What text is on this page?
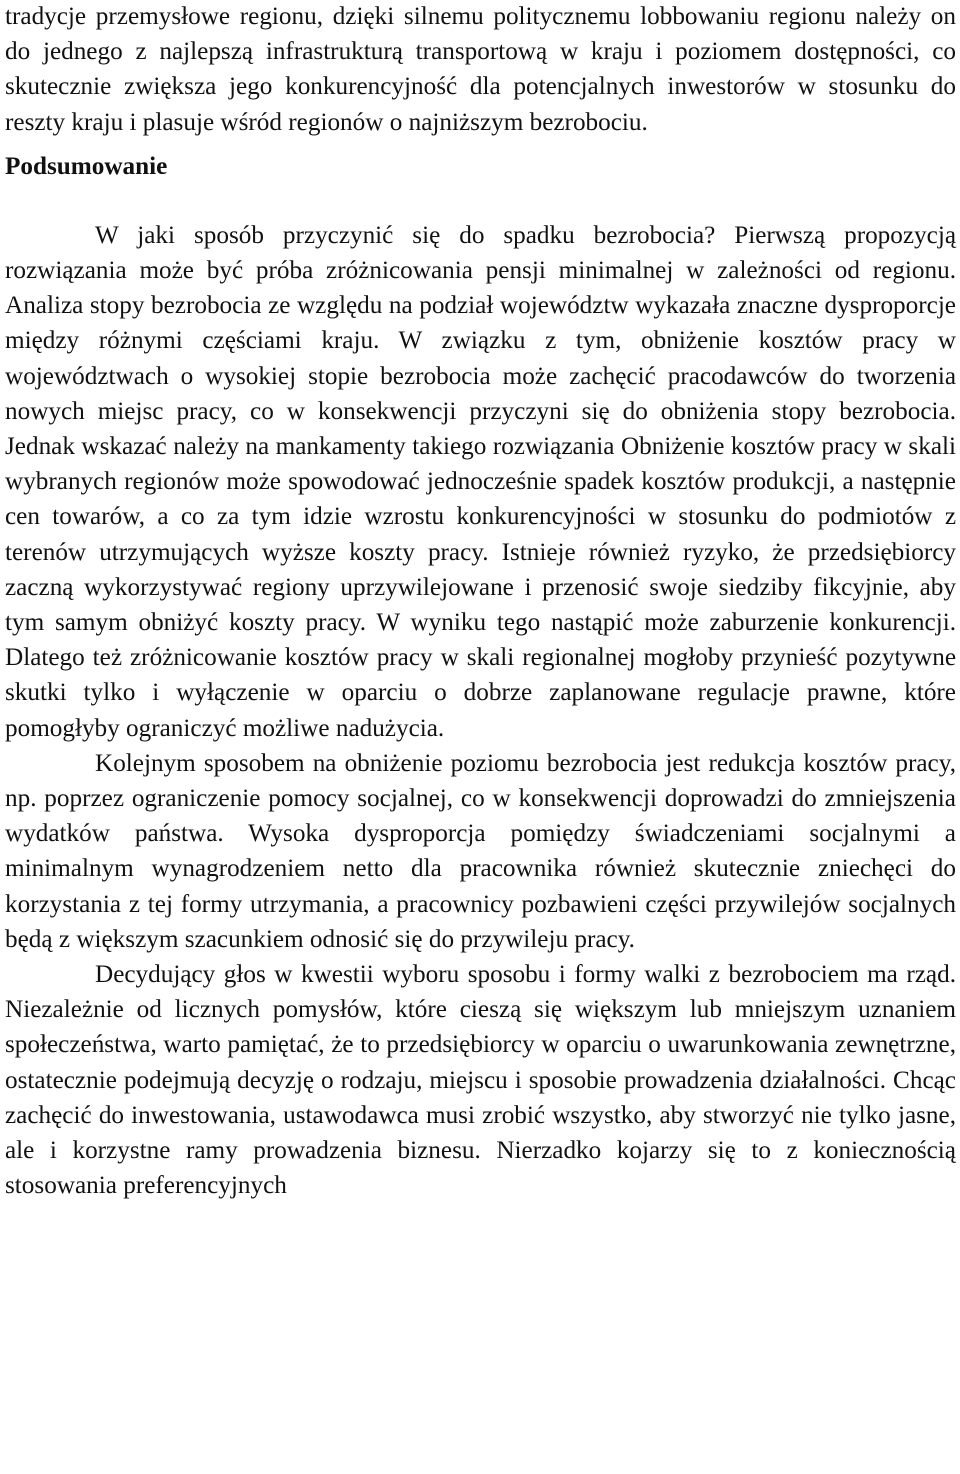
tradycje przemysłowe regionu, dzięki silnemu politycznemu lobbowaniu regionu należy on do jednego z najlepszą infrastrukturą transportową w kraju i poziomem dostępności, co skutecznie zwiększa jego konkurencyjność dla potencjalnych inwestorów w stosunku do reszty kraju i plasuje wśród regionów o najniższym bezrobociu.

Podsumowanie

W jaki sposób przyczynić się do spadku bezrobocia? Pierwszą propozycją rozwiązania może być próba zróżnicowania pensji minimalnej w zależności od regionu. Analiza stopy bezrobocia ze względu na podział województw wykazała znaczne dysproporcje między różnymi częściami kraju. W związku z tym, obniżenie kosztów pracy w województwach o wysokiej stopie bezrobocia może zachęcić pracodawców do tworzenia nowych miejsc pracy, co w konsekwencji przyczyni się do obniżenia stopy bezrobocia. Jednak wskazać należy na mankamenty takiego rozwiązania Obniżenie kosztów pracy w skali wybranych regionów może spowodować jednocześnie spadek kosztów produkcji, a następnie cen towarów, a co za tym idzie wzrostu konkurencyjności w stosunku do podmiotów z terenów utrzymujących wyższe koszty pracy. Istnieje również ryzyko, że przedsiębiorcy zaczną wykorzystywać regiony uprzywilejowane i przenosić swoje siedziby fikcyjnie, aby tym samym obniżyć koszty pracy. W wyniku tego nastąpić może zaburzenie konkurencji. Dlatego też zróżnicowanie kosztów pracy w skali regionalnej mogłoby przynieść pozytywne skutki tylko i wyłączenie w oparciu o dobrze zaplanowane regulacje prawne, które pomogłyby ograniczyć możliwe nadużycia.

Kolejnym sposobem na obniżenie poziomu bezrobocia jest redukcja kosztów pracy, np. poprzez ograniczenie pomocy socjalnej, co w konsekwencji doprowadzi do zmniejszenia wydatków państwa. Wysoka dysproporcja pomiędzy świadczeniami socjalnymi a minimalnym wynagrodzeniem netto dla pracownika również skutecznie zniechęci do korzystania z tej formy utrzymania, a pracownicy pozbawieni części przywilejów socjalnych będą z większym szacunkiem odnosić się do przywileju pracy.

Decydujący głos w kwestii wyboru sposobu i formy walki z bezrobociem ma rząd. Niezależnie od licznych pomysłów, które cieszą się większym lub mniejszym uznaniem społeczeństwa, warto pamiętać, że to przedsiębiorcy w oparciu o uwarunkowania zewnętrzne, ostatecznie podejmują decyzję o rodzaju, miejscu i sposobie prowadzenia działalności. Chcąc zachęcić do inwestowania, ustawodawca musi zrobić wszystko, aby stworzyć nie tylko jasne, ale i korzystne ramy prowadzenia biznesu. Nierzadko kojarzy się to z koniecznością stosowania preferencyjnych
